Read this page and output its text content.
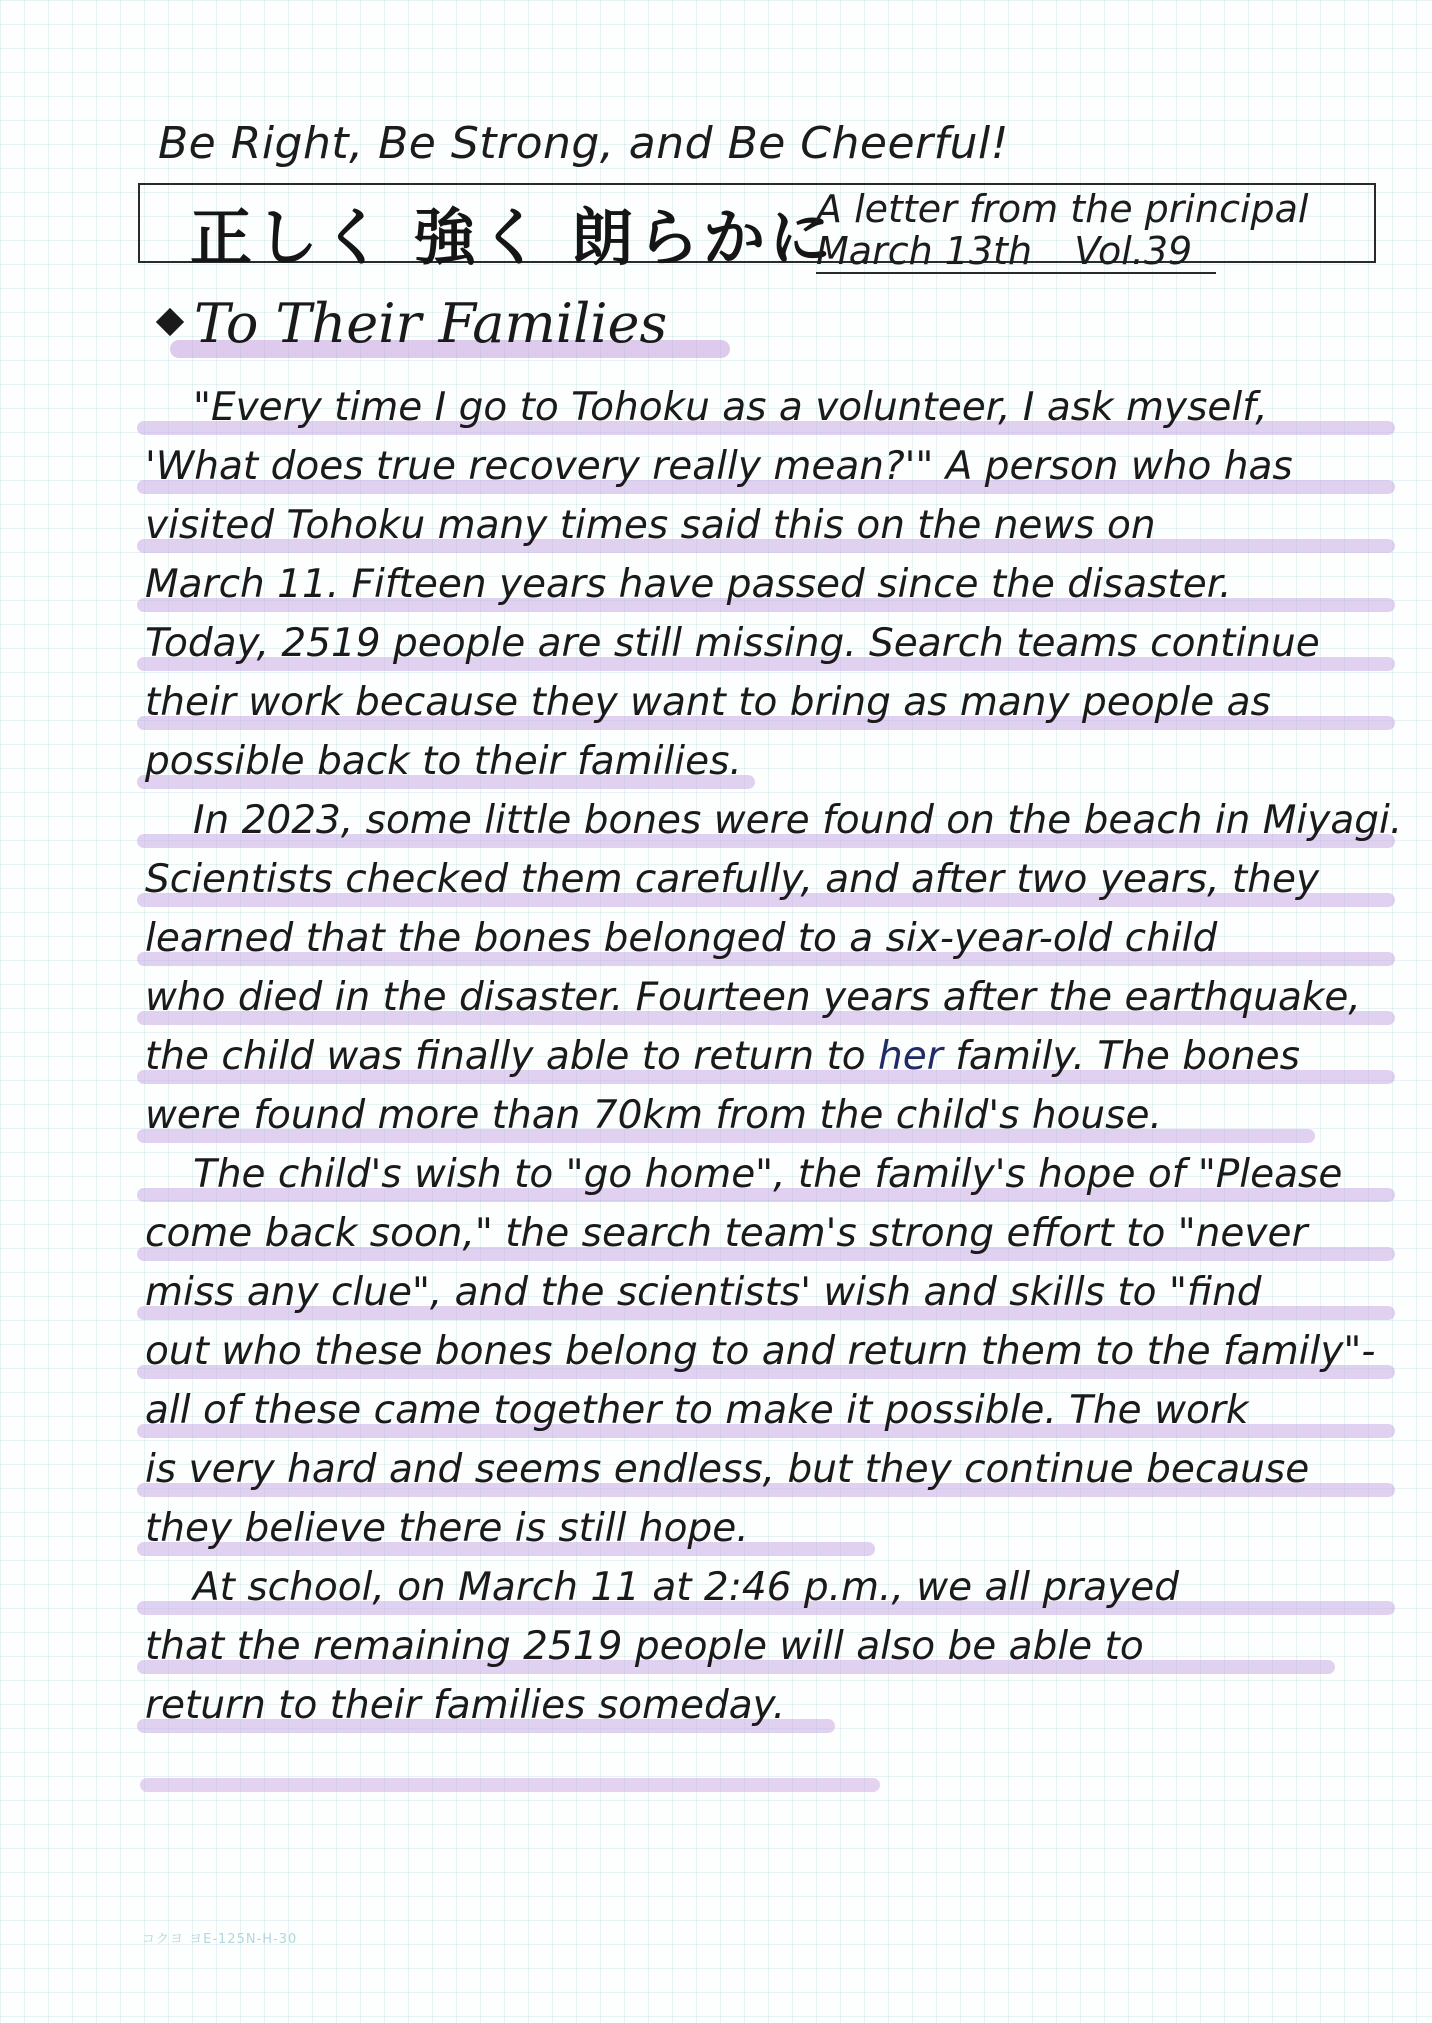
Be Right, Be Strong, and Be Cheerful!
正しく 強く 朗らかに
A letter from the principal
March 13th Vol.39
To Their Families
"Every time I go to Tohoku as a volunteer, I ask myself,
'What does true recovery really mean?'" A person who has
visited Tohoku many times said this on the news on
March 11. Fifteen years have passed since the disaster.
Today, 2519 people are still missing. Search teams continue
their work because they want to bring as many people as
possible back to their families.
In 2023, some little bones were found on the beach in Miyagi.
Scientists checked them carefully, and after two years, they
learned that the bones belonged to a six-year-old child
who died in the disaster. Fourteen years after the earthquake,
the child was finally able to return to her family. The bones
were found more than 70km from the child's house.
The child's wish to "go home", the family's hope of "Please
come back soon," the search team's strong effort to "never
miss any clue", and the scientists' wish and skills to "find
out who these bones belong to and return them to the family"-
all of these came together to make it possible. The work
is very hard and seems endless, but they continue because
they believe there is still hope.
At school, on March 11 at 2:46 p.m., we all prayed
that the remaining 2519 people will also be able to
return to their families someday.
コクヨ ヨE-125N-H-30
